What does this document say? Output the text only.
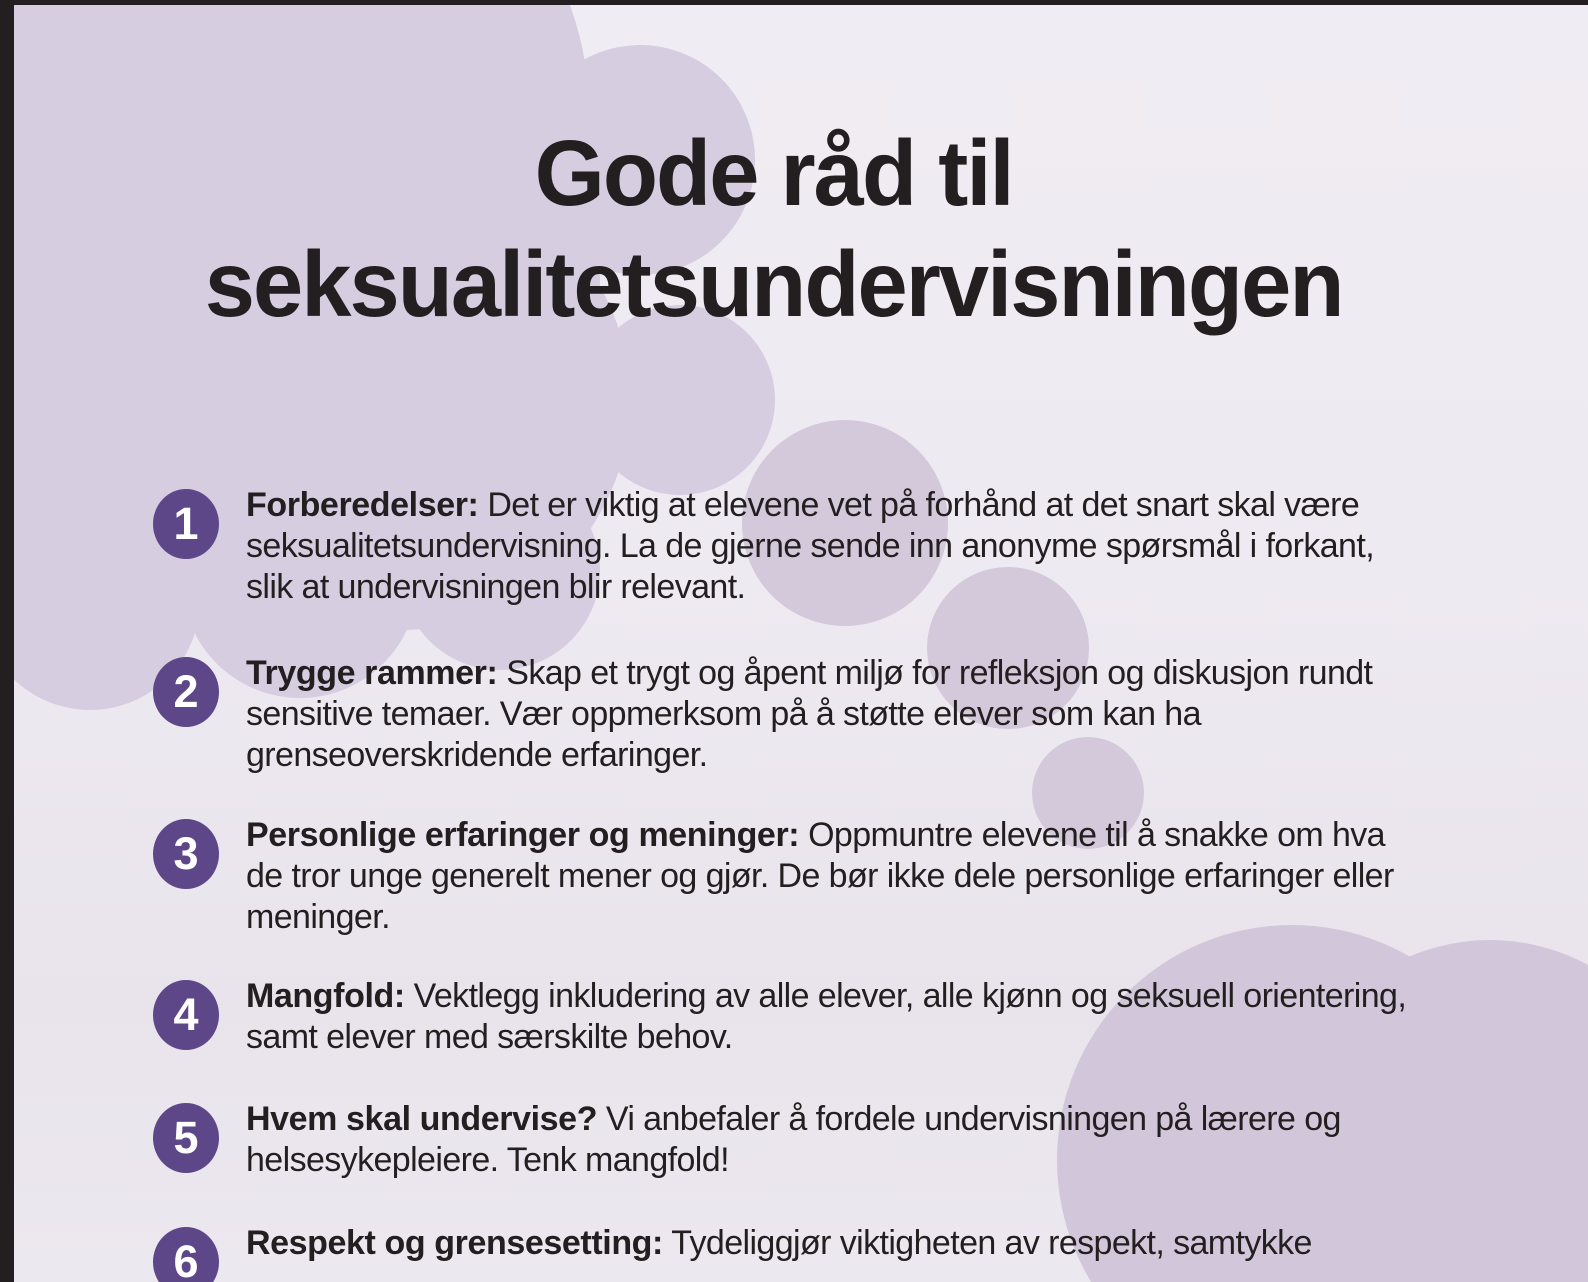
Gode råd til
seksualitetsundervisningen
1	Forberedelser: Det er viktig at elevene vet på forhånd at det snart skal være seksualitetsundervisning. La de gjerne sende inn anonyme spørsmål i forkant, slik at undervisningen blir relevant.
2	Trygge rammer: Skap et trygt og åpent miljø for refleksjon og diskusjon rundt sensitive temaer. Vær oppmerksom på å støtte elever som kan ha grenseoverskridende erfaringer.
3	Personlige erfaringer og meninger: Oppmuntre elevene til å snakke om hva de tror unge generelt mener og gjør. De bør ikke dele personlige erfaringer eller meninger.
4	Mangfold: Vektlegg inkludering av alle elever, alle kjønn og seksuell orientering, samt elever med særskilte behov.
5	Hvem skal undervise? Vi anbefaler å fordele undervisningen på lærere og helsesykepleiere. Tenk mangfold!
6	Respekt og grensesetting: Tydeliggjør viktigheten av respekt, samtykke
